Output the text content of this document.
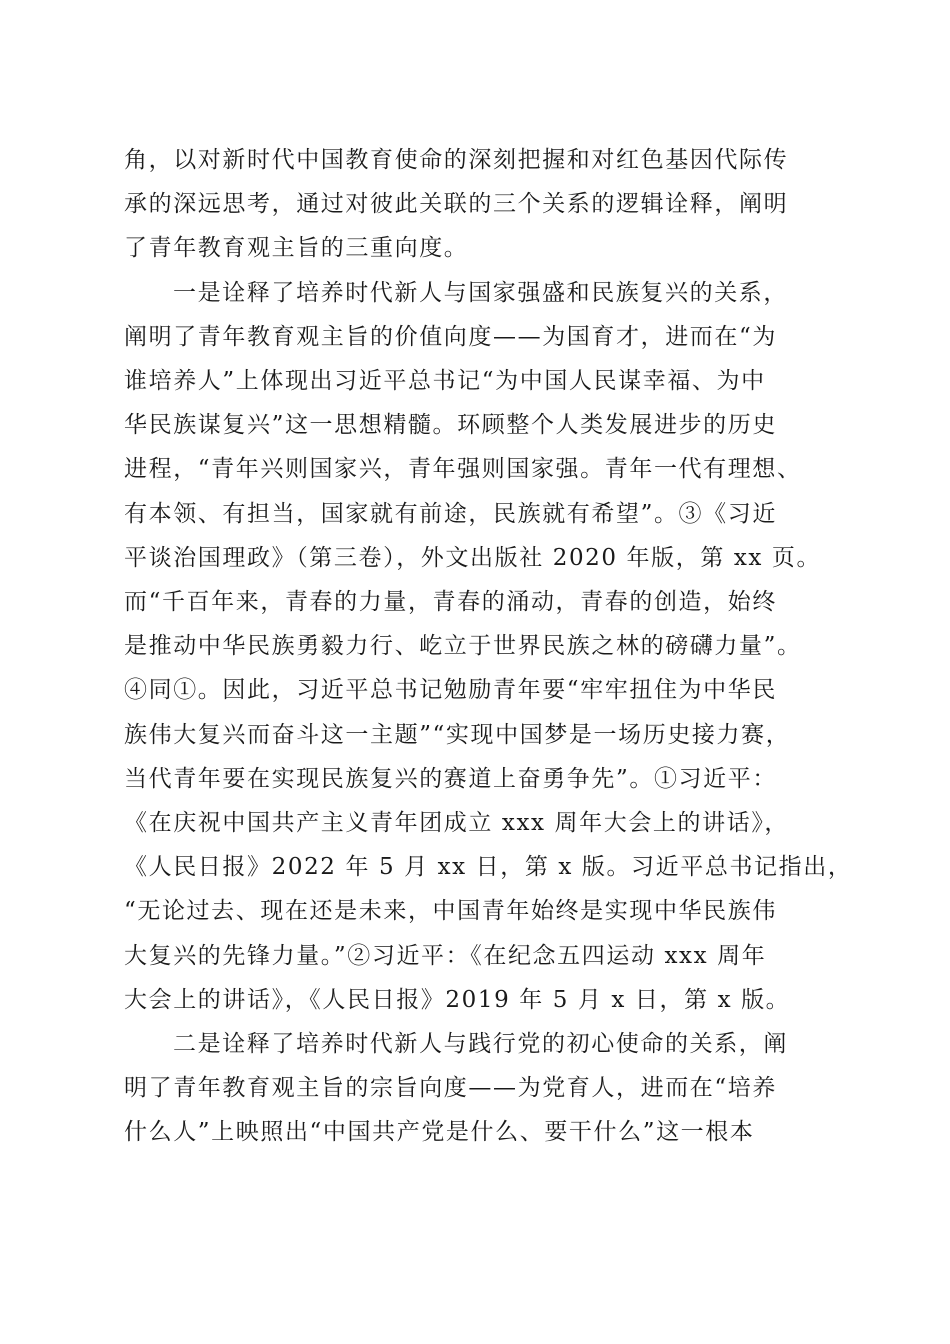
角，以对新时代中国教育使命的深刻把握和对红色基因代际传
承的深远思考，通过对彼此关联的三个关系的逻辑诠释，阐明
了青年教育观主旨的三重向度。

一是诠释了培养时代新人与国家强盛和民族复兴的关系，
阐明了青年教育观主旨的价值向度——为国育才，进而在“为
谁培养人”上体现出习近平总书记“为中国人民谋幸福、为中
华民族谋复兴”这一思想精髓。环顾整个人类发展进步的历史
进程，“青年兴则国家兴，青年强则国家强。青年一代有理想、
有本领、有担当，国家就有前途，民族就有希望”。③《习近
平谈治国理政》（第三卷），外文出版社 2020 年版，第 xx 页。
而“千百年来，青春的力量，青春的涌动，青春的创造，始终
是推动中华民族勇毅力行、屹立于世界民族之林的磅礴力量”。
④同①。因此，习近平总书记勉励青年要“牢牢扭住为中华民
族伟大复兴而奋斗这一主题”“实现中国梦是一场历史接力赛，
当代青年要在实现民族复兴的赛道上奋勇争先”。①习近平：
《在庆祝中国共产主义青年团成立 xxx 周年大会上的讲话》，
《人民日报》2022 年 5 月 xx 日，第 x 版。习近平总书记指出，
“无论过去、现在还是未来，中国青年始终是实现中华民族伟
大复兴的先锋力量。”②习近平：《在纪念五四运动 xxx 周年
大会上的讲话》，《人民日报》2019 年 5 月 x 日，第 x 版。

二是诠释了培养时代新人与践行党的初心使命的关系，阐
明了青年教育观主旨的宗旨向度——为党育人，进而在“培养
什么人”上映照出“中国共产党是什么、要干什么”这一根本
